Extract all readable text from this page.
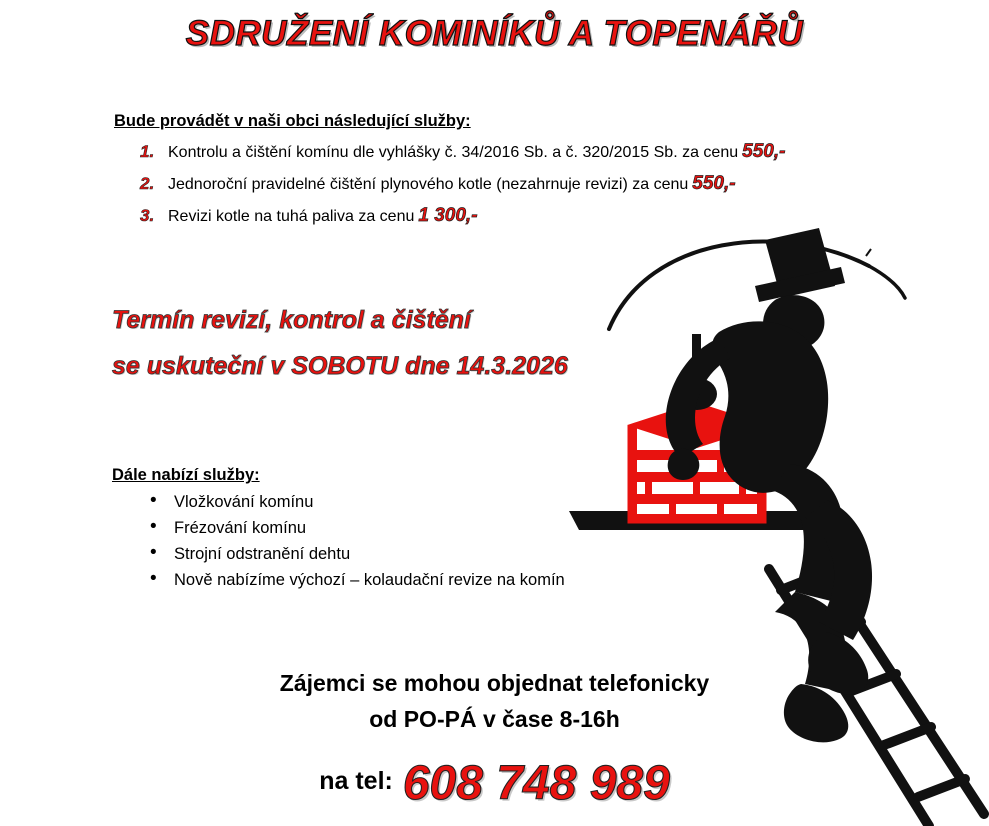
SDRUŽENÍ KOMINÍKŮ A TOPENÁŘŮ
Bude provádět v naši obci následující služby:
1. Kontrolu a čištění komínu dle vyhlášky č. 34/2016 Sb. a č. 320/2015 Sb. za cenu 550,-
2. Jednoroční pravidelné čištění plynového kotle (nezahrnuje revizi) za cenu 550,-
3. Revizi kotle na tuhá paliva za cenu 1 300,-
Termín revizí, kontrol a čištění
se uskuteční v SOBOTU dne 14.3.2026
Dále nabízí služby:
• Vložkování komínu
• Frézování komínu
• Strojní odstranění dehtu
• Nově nabízíme výchozí – kolaudační revize na komín
Zájemci se mohou objednat telefonicky
od PO-PÁ v čase 8-16h
na tel: 608 748 989
